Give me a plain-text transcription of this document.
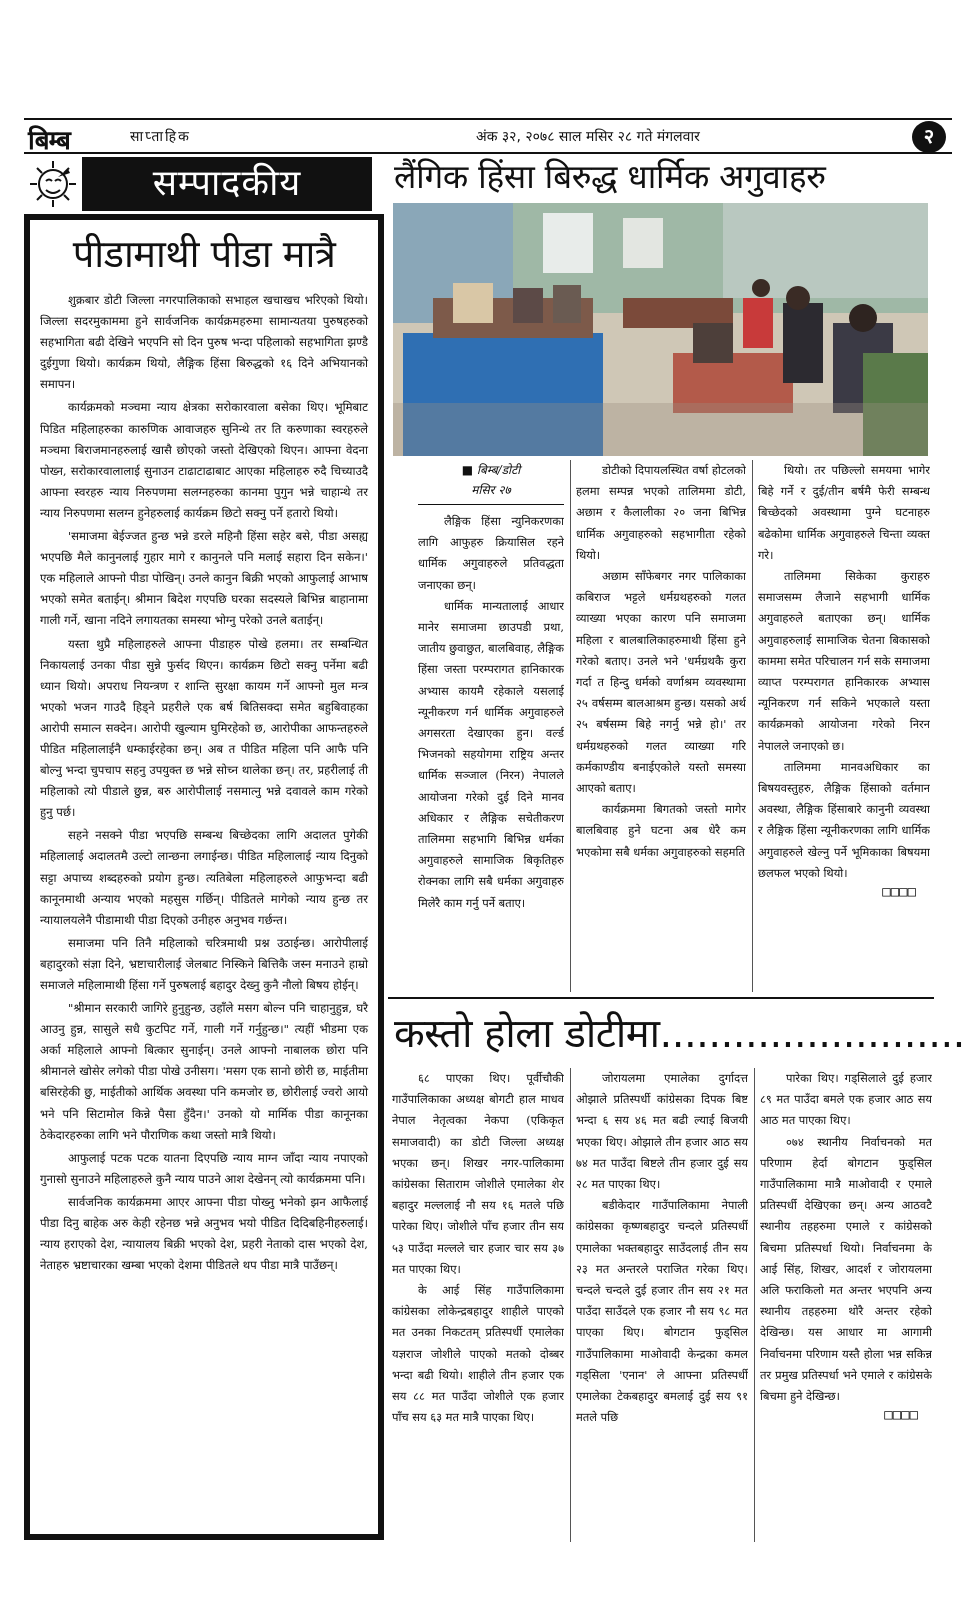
बिम्ब	साप्ताहिक	अंक ३२, २०७८ साल मसिर २८ गते मंगलवार	२
सम्पादकीय
पीडामाथी पीडा मात्रै

शुक्रबार डोटी जिल्ला नगरपालिकाको सभाहल खचाखच भरिएको थियो। जिल्ला सदरमुकाममा हुने सार्वजनिक कार्यक्रमहरुमा सामान्यतया पुरुषहरुको सहभागिता बढी देखिने भएपनि सो दिन पुरुष भन्दा पहिलाको सहभागिता झण्डै दुईगुणा थियो। कार्यक्रम थियो, लैङ्गिक हिंसा बिरुद्धको १६ दिने अभियानको समापन।

कार्यक्रमको मञ्चमा न्याय क्षेत्रका सरोकारवाला बसेका थिए। भूमिबाट पिडित महिलाहरुका कारुणिक आवाजहरु सुनिन्थे तर ति करुणाका स्वरहरुले मञ्चमा बिराजमानहरुलाई खासै छोएको जस्तो देखिएको थिएन। आफ्ना वेदना पोख्न, सरोकारवालालाई सुनाउन टाढाटाढाबाट आएका महिलाहरु रुदै चिच्याउदै आफ्ना स्वरहरु न्याय निरुपणमा सलग्नहरुका कानमा पुगुन भन्ने चाहान्थे तर न्याय निरुपणमा सलग्न हुनेहरुलाई कार्यक्रम छिटो सक्नु पर्ने हतारो थियो।

'समाजमा बेईज्जत हुन्छ भन्ने डरले महिनौ हिंसा सहेर बसे, पीडा असह्य भएपछि मैले कानुनलाई गुहार मागे र कानुनले पनि मलाई सहारा दिन सकेन।' एक महिलाले आफ्नो पीडा पोखिन्। उनले कानुन बिक्री भएको आफुलाई आभाष भएको समेत बताईन्। श्रीमान बिदेश गएपछि घरका सदस्यले बिभिन्न बाहानामा गाली गर्ने, खाना नदिने लगायतका समस्या भोग्नु परेको उनले बताईन्।

यस्ता थुप्रै महिलाहरुले आफ्ना पीडाहरु पोखे हलमा। तर सम्बन्धित निकायलाई उनका पीडा सुन्ने फुर्सद थिएन। कार्यक्रम छिटो सक्नु पर्नेमा बढी ध्यान थियो। अपराध नियन्त्रण र शान्ति सुरक्षा कायम गर्ने आफ्नो मुल मन्त्र भएको भजन गाउदै हिड्ने प्रहरीले एक बर्ष बितिसक्दा समेत बहुबिवाहका आरोपी समात्न सक्देन। आरोपी खुल्याम घुमिरहेको छ, आरोपीका आफन्तहरुले पीडित महिलालाईनै धम्काईरहेका छन्। अब त पीडित महिला पनि आफै पनि बोल्नु भन्दा चुपचाप सहनु उपयुक्त छ भन्ने सोच्न थालेका छन्। तर, प्रहरीलाई ती महिलाको त्यो पीडाले छुन्न, बरु आरोपीलाई नसमात्नु भन्ने दवावले काम गरेको हुनु पर्छ।

सहने नसक्ने पीडा भएपछि सम्बन्ध बिच्छेदका लागि अदालत पुगेकी महिलालाई अदालतमै उल्टो लान्छना लगाईन्छ। पीडित महिलालाई न्याय दिनुको सट्टा अपाच्य शब्दहरुको प्रयोग हुन्छ। त्यतिबेला महिलाहरुले आफुभन्दा बढी कानूनमाथी अन्याय भएको महसुस गर्छिन्। पीडितले मागेको न्याय हुन्छ तर न्यायालयलेनै पीडामाथी पीडा दिएको उनीहरु अनुभव गर्छन्त।

समाजमा पनि तिनै महिलाको चरित्रमाथी प्रश्न उठाईन्छ। आरोपीलाई बहादुरको संज्ञा दिने, भ्रष्टाचारीलाई जेलबाट निस्किने बित्तिकै जस्न मनाउने हाम्रो समाजले महिलामाथी हिंसा गर्ने पुरुषलाई बहादुर देख्नु कुनै नौलो बिषय होईन्।

"श्रीमान सरकारी जागिरे हुनुहुन्छ, उहाँले मसग बोल्न पनि चाहानुहुन्न, घरै आउनु हुन्न, सासुले सधै कुटपिट गर्ने, गाली गर्ने गर्नुहुन्छ।" त्यहीं भीडमा एक अर्का महिलाले आफ्नो बित्कार सुनाईन्। उनले आफ्नो नाबालक छोरा पनि श्रीमानले खोसेर लगेको पीडा पोखे उनीसग। 'मसग एक सानो छोरी छ, माईतीमा बसिरहेकी छु, माईतीको आर्थिक अवस्था पनि कमजोर छ, छोरीलाई ज्वरो आयो भने पनि सिटामोल किन्ने पैसा हुँदैन।' उनको यो मार्मिक पीडा कानूनका ठेकेदारहरुका लागि भने पौराणिक कथा जस्तो मात्रै थियो।

आफुलाई पटक पटक यातना दिएपछि न्याय माग्न जाँदा न्याय नपाएको गुनासो सुनाउने महिलाहरुले कुनै न्याय पाउने आश देखेनन् त्यो कार्यक्रममा पनि।

सार्वजनिक कार्यक्रममा आएर आफ्ना पीडा पोख्नु भनेको झन आफैलाई पीडा दिनु बाहेक अरु केही रहेनछ भन्ने अनुभव भयो पीडित दिदिबहिनीहरुलाई। न्याय हराएको देश, न्यायालय बिक्री भएको देश, प्रहरी नेताको दास भएको देश, नेताहरु भ्रष्टाचारका खम्बा भएको देशमा पीडितले थप पीडा मात्रै पाउँछन्।

लैंगिक हिंसा बिरुद्ध धार्मिक अगुवाहरु
■ बिम्ब/डोटी
मसिर २७

लैङ्गिक हिंसा न्युनिकरणका लागि आफुहरु क्रियासिल रहने धार्मिक अगुवाहरुले प्रतिवद्धता जनाएका छन्।

धार्मिक मान्यतालाई आधार मानेर समाजमा छाउपडी प्रथा, जातीय छुवाछुत, बालबिवाह, लैङ्गिक हिंसा जस्ता परम्परागत हानिकारक अभ्यास कायमै रहेकाले यसलाई न्यूनीकरण गर्न धार्मिक अगुवाहरुले अगसरता देखाएका हुन। वर्ल्ड भिजनको सहयोगमा राष्ट्रिय अन्तर धार्मिक सञ्जाल (निरन) नेपालले आयोजना गरेको दुई दिने मानव अधिकार र लैङ्गिक सचेतीकरण तालिममा सहभागि बिभिन्न धर्मका अगुवाहरुले सामाजिक बिकृतिहरु रोक्नका लागि सबै धर्मका अगुवाहरु मिलेरै काम गर्नु पर्ने बताए।

डोटीको दिपायलस्थित वर्षा होटलको हलमा सम्पन्न भएको तालिममा डोटी, अछाम र कैलालीका २० जना बिभिन्न धार्मिक अगुवाहरुको सहभागीता रहेको थियो।

अछाम साँफेबगर नगर पालिकाका कबिराज भट्टले धर्मग्रथहरुको गलत व्याख्या भएका कारण पनि समाजमा महिला र बालबालिकाहरुमाथी हिंसा हुने गरेको बताए। उनले भने 'धर्मग्रथकै कुरा गर्दा त हिन्दु धर्मको वर्णाश्रम व्यवस्थामा २५ वर्षसम्म बालआश्रम हुन्छ। यसको अर्थ २५ बर्षसम्म बिहे नगर्नु भन्ने हो।' तर धर्मग्रथहरुको गलत व्याख्या गरि कर्मकाण्डीय बनाईएकोले यस्तो समस्या आएको बताए।

कार्यक्रममा बिगतको जस्तो मागेर बालबिवाह हुने घटना अब धेरै कम भएकोमा सबै धर्मका अगुवाहरुको सहमति

थियो। तर पछिल्लो समयमा भागेर बिहे गर्ने र दुई/तीन बर्षमै फेरी सम्बन्ध बिच्छेदको अवस्थामा पुग्ने घटनाहरु बढेकोमा धार्मिक अगुवाहरुले चिन्ता व्यक्त गरे।

तालिममा सिकेका कुराहरु समाजसम्म लैजाने सहभागी धार्मिक अगुवाहरुले बताएका छन्। धार्मिक अगुवाहरुलाई सामाजिक चेतना बिकासको काममा समेत परिचालन गर्न सके समाजमा व्याप्त परम्परागत हानिकारक अभ्यास न्यूनिकरण गर्न सकिने भएकाले यस्ता कार्यक्रमको आयोजना गरेको निरन नेपालले जनाएको छ।

तालिममा मानवअधिकार का बिषयवस्तुहरु, लैङ्गिक हिंसाको वर्तमान अवस्था, लैङ्गिक हिंसाबारे कानुनी व्यवस्था र लैङ्गिक हिंसा न्यूनीकरणका लागि धार्मिक अगुवाहरुले खेल्नु पर्ने भूमिकाका बिषयमा छलफल भएको थियो।

□□□□
कस्तो होला डोटीमा.........................

६८ पाएका थिए। पूर्वीचौकी गाउँपालिकाका अध्यक्ष बोगटी हाल माधव नेपाल नेतृत्वका नेकपा (एकिकृत समाजवादी) का डोटी जिल्ला अध्यक्ष भएका छन्। शिखर नगर-पालिकामा कांग्रेसका सिताराम जोशीले एमालेका शेर बहादुर मल्ललाई नौ सय १६ मतले पछि पारेका थिए। जोशीले पाँच हजार तीन सय ५३ पाउँदा मल्लले चार हजार चार सय ३७ मत पाएका थिए।

के आई सिंह गाउँपालिकामा कांग्रेसका लोकेन्द्रबहादुर शाहीले पाएको मत उनका निकटतम् प्रतिस्पर्धी एमालेका यज्ञराज जोशीले पाएको मतको दोब्बर भन्दा बढी थियो। शाहीले तीन हजार एक सय ८८ मत पाउँदा जोशीले एक हजार पाँच सय ६३ मत मात्रै पाएका थिए।

जोरायलमा एमालेका दुर्गादत्त ओझाले प्रतिस्पर्धी कांग्रेसका दिपक बिष्ट भन्दा ६ सय ४६ मत बढी ल्याई बिजयी भएका थिए। ओझाले तीन हजार आठ सय ७४ मत पाउँदा बिष्टले तीन हजार दुई सय २८ मत पाएका थिए।

बडीकेदार गाउँपालिकामा नेपाली कांग्रेसका कृष्णबहादुर चन्दले प्रतिस्पर्धी एमालेका भक्तबहादुर साउँदलाई तीन सय २३ मत अन्तरले पराजित गरेका थिए। चन्दले चन्दले दुई हजार तीन सय २१ मत पाउँदा साउँदले एक हजार नौ सय ९८ मत पाएका थिए। बोगटान फुड्सिल गाउँपालिकामा माओवादी केन्द्रका कमल गड्सिला 'एनान' ले आफ्ना प्रतिस्पर्धी एमालेका टेकबहादुर बमलाई दुई सय ९१ मतले पछि

पारेका थिए। गड्सिलाले दुई हजार ८९ मत पाउँदा बमले एक हजार आठ सय आठ मत पाएका थिए।

०७४ स्थानीय निर्वाचनको मत परिणाम हेर्दा बोगटान फुड्सिल गाउँपालिकामा मात्रै माओवादी र एमाले प्रतिस्पर्धी देखिएका छन्। अन्य आठवटै स्थानीय तहहरुमा एमाले र कांग्रेसको बिचमा प्रतिस्पर्धा थियो। निर्वाचनमा के आई सिंह, शिखर, आदर्श र जोरायलमा अलि फराकिलो मत अन्तर भएपनि अन्य स्थानीय तहहरुमा थोरै अन्तर रहेको देखिन्छ। यस आधार मा आगामी निर्वाचनमा परिणाम यस्तै होला भन्न सकिन्न तर प्रमुख प्रतिस्पर्धा भने एमाले र कांग्रेसके बिचमा हुने देखिन्छ।

□□□□
